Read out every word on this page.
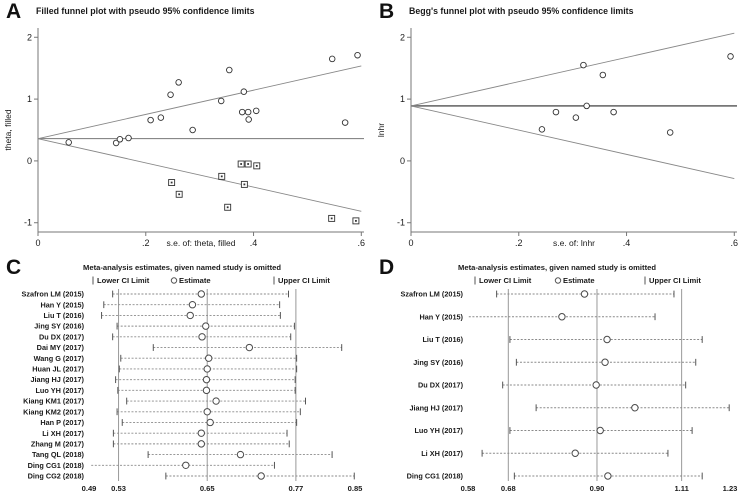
A Filled funnel plot with pseudo 95% confidence limits
theta, filled
s.e. of: theta, filled
-1
0
1
2
0	.2	.4	.6
B Begg's funnel plot with pseudo 95% confidence limits
lnhr
s.e. of: lnhr
-1
0
1
2
0	.2	.4	.6
C	Meta-analysis estimates, given named study is omitted
Lower CI Limit	Estimate	Upper CI Limit
Szafron LM (2015)
Han Y (2015)
Liu T (2016)
Jing SY (2016)
Du DX (2017)
Dai MY (2017)
Wang G (2017)
Huan JL (2017)
Jiang HJ (2017)
Luo YH (2017)
Kiang KM1 (2017)
Kiang KM2 (2017)
Han P (2017)
Li XH (2017)
Zhang M (2017)
Tang QL (2018)
Ding CG1 (2018)
Ding CG2 (2018)
0.49 0.53	0.65	0.77	0.85
D	Meta-analysis estimates, given named study is omitted
Lower CI Limit	Estimate	Upper CI Limit
Szafron LM (2015)
Han Y (2015)
Liu T (2016)
Jing SY (2016)
Du DX (2017)
Jiang HJ (2017)
Luo YH (2017)
Li XH (2017)
Ding CG1 (2018)
0.58	0.68	0.90	1.11	1.23
